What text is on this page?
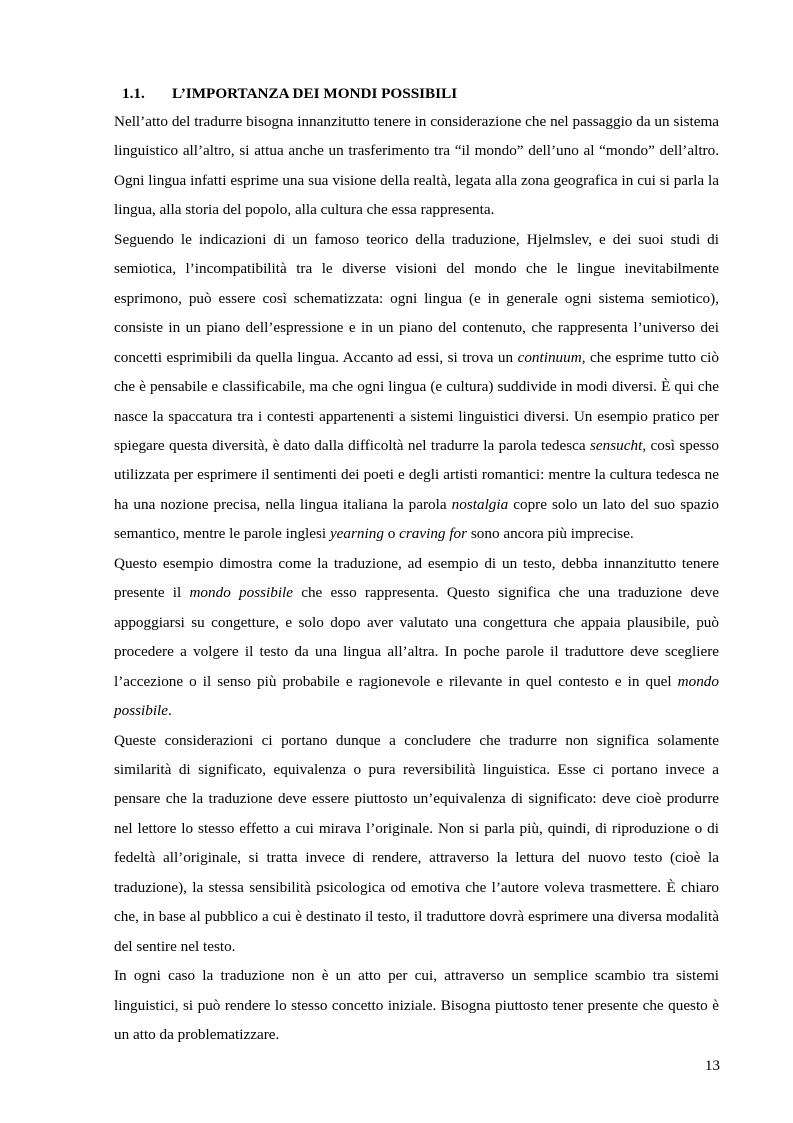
1.1. L’IMPORTANZA DEI MONDI POSSIBILI

Nell’atto del tradurre bisogna innanzitutto tenere in considerazione che nel passaggio da un sistema linguistico all’altro, si attua anche un trasferimento tra “il mondo” dell’uno al “mondo” dell’altro. Ogni lingua infatti esprime una sua visione della realtà, legata alla zona geografica in cui si parla la lingua, alla storia del popolo, alla cultura che essa rappresenta.

Seguendo le indicazioni di un famoso teorico della traduzione, Hjelmslev, e dei suoi studi di semiotica, l’incompatibilità tra le diverse visioni del mondo che le lingue inevitabilmente esprimono, può essere così schematizzata: ogni lingua (e in generale ogni sistema semiotico), consiste in un piano dell’espressione e in un piano del contenuto, che rappresenta l’universo dei concetti esprimibili da quella lingua. Accanto ad essi, si trova un continuum, che esprime tutto ciò che è pensabile e classificabile, ma che ogni lingua (e cultura) suddivide in modi diversi. È qui che nasce la spaccatura tra i contesti appartenenti a sistemi linguistici diversi. Un esempio pratico per spiegare questa diversità, è dato dalla difficoltà nel tradurre la parola tedesca sensucht, così spesso utilizzata per esprimere il sentimenti dei poeti e degli artisti romantici: mentre la cultura tedesca ne ha una nozione precisa, nella lingua italiana la parola nostalgia copre solo un lato del suo spazio semantico, mentre le parole inglesi yearning o craving for sono ancora più imprecise.

Questo esempio dimostra come la traduzione, ad esempio di un testo, debba innanzitutto tenere presente il mondo possibile che esso rappresenta. Questo significa che una traduzione deve appoggiarsi su congetture, e solo dopo aver valutato una congettura che appaia plausibile, può procedere a volgere il testo da una lingua all’altra. In poche parole il traduttore deve scegliere l’accezione o il senso più probabile e ragionevole e rilevante in quel contesto e in quel mondo possibile.

Queste considerazioni ci portano dunque a concludere che tradurre non significa solamente similarità di significato, equivalenza o pura reversibilità linguistica. Esse ci portano invece a pensare che la traduzione deve essere piuttosto un’equivalenza di significato: deve cioè produrre nel lettore lo stesso effetto a cui mirava l’originale. Non si parla più, quindi, di riproduzione o di fedeltà all’originale, si tratta invece di rendere, attraverso la lettura del nuovo testo (cioè la traduzione), la stessa sensibilità psicologica od emotiva che l’autore voleva trasmettere. È chiaro che, in base al pubblico a cui è destinato il testo, il traduttore dovrà esprimere una diversa modalità del sentire nel testo.

In ogni caso la traduzione non è un atto per cui, attraverso un semplice scambio tra sistemi linguistici, si può rendere lo stesso concetto iniziale. Bisogna piuttosto tener presente che questo è un atto da problematizzare.

13
